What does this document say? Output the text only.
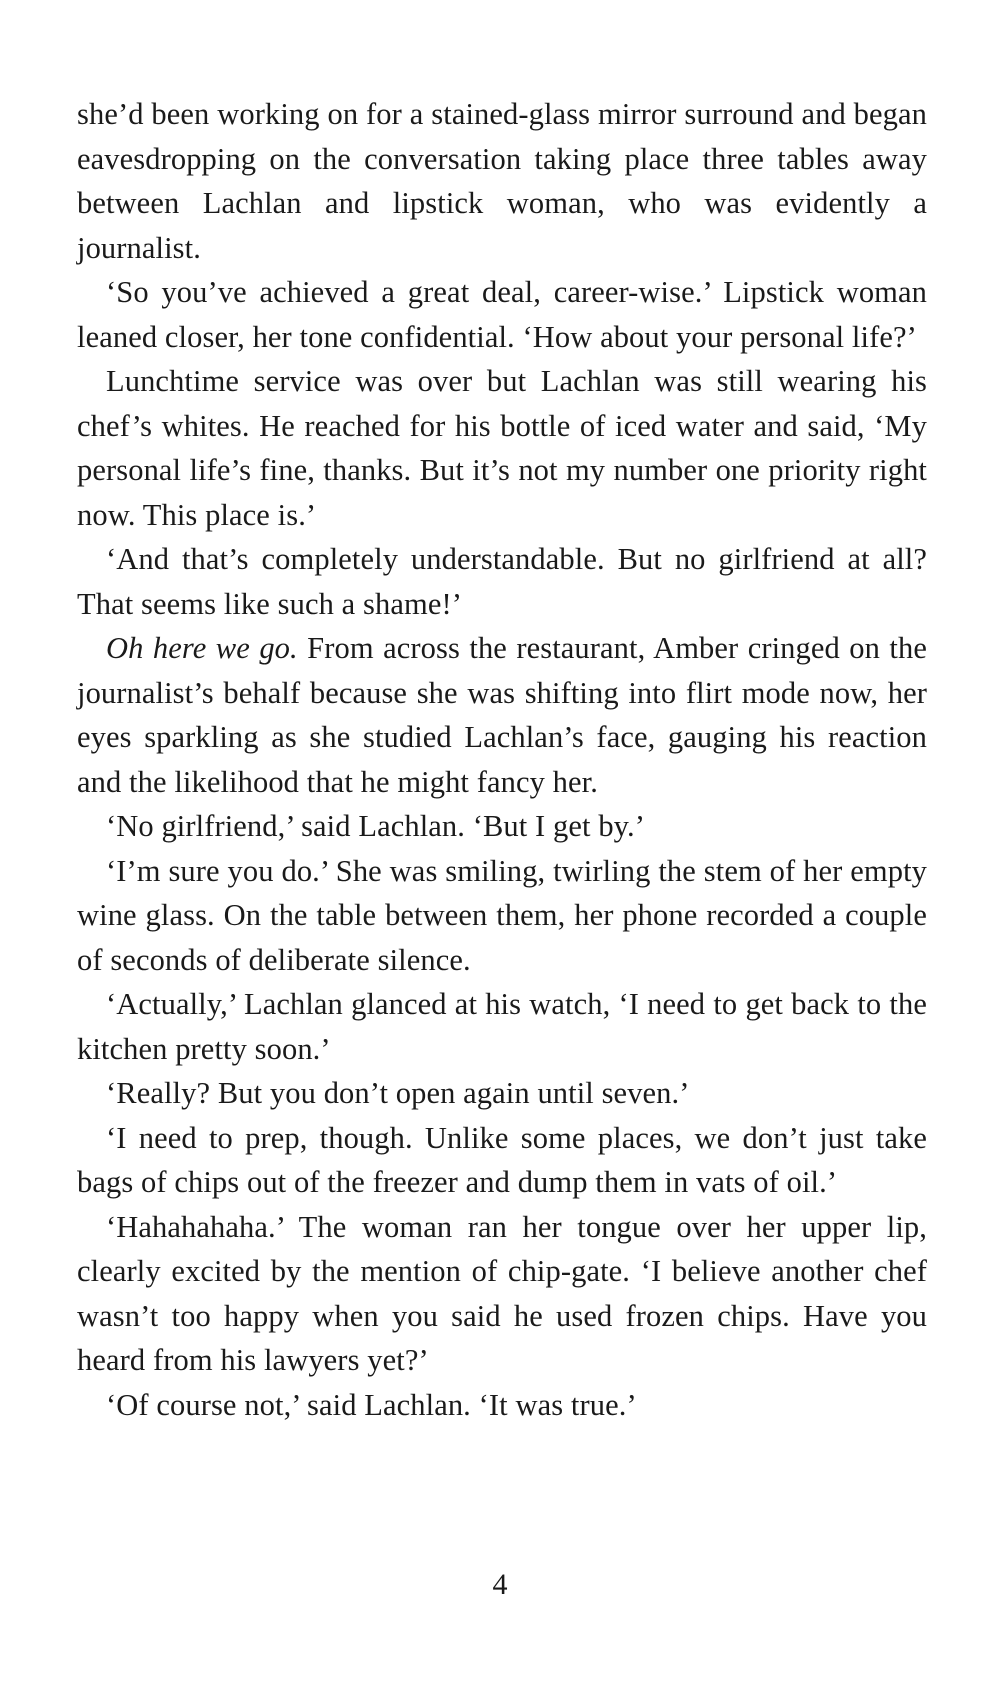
she’d been working on for a stained-glass mirror surround and began eavesdropping on the conversation taking place three tables away between Lachlan and lipstick woman, who was evidently a journalist.

‘So you’ve achieved a great deal, career-wise.’ Lipstick woman leaned closer, her tone confidential. ‘How about your personal life?’

Lunchtime service was over but Lachlan was still wearing his chef’s whites. He reached for his bottle of iced water and said, ‘My personal life’s fine, thanks. But it’s not my number one priority right now. This place is.’

‘And that’s completely understandable. But no girlfriend at all? That seems like such a shame!’

Oh here we go. From across the restaurant, Amber cringed on the journalist’s behalf because she was shifting into flirt mode now, her eyes sparkling as she studied Lachlan’s face, gauging his reaction and the likelihood that he might fancy her.

‘No girlfriend,’ said Lachlan. ‘But I get by.’

‘I’m sure you do.’ She was smiling, twirling the stem of her empty wine glass. On the table between them, her phone recorded a couple of seconds of deliberate silence.

‘Actually,’ Lachlan glanced at his watch, ‘I need to get back to the kitchen pretty soon.’

‘Really? But you don’t open again until seven.’

‘I need to prep, though. Unlike some places, we don’t just take bags of chips out of the freezer and dump them in vats of oil.’

‘Hahahahaha.’ The woman ran her tongue over her upper lip, clearly excited by the mention of chip-gate. ‘I believe another chef wasn’t too happy when you said he used frozen chips. Have you heard from his lawyers yet?’

‘Of course not,’ said Lachlan. ‘It was true.’

4
